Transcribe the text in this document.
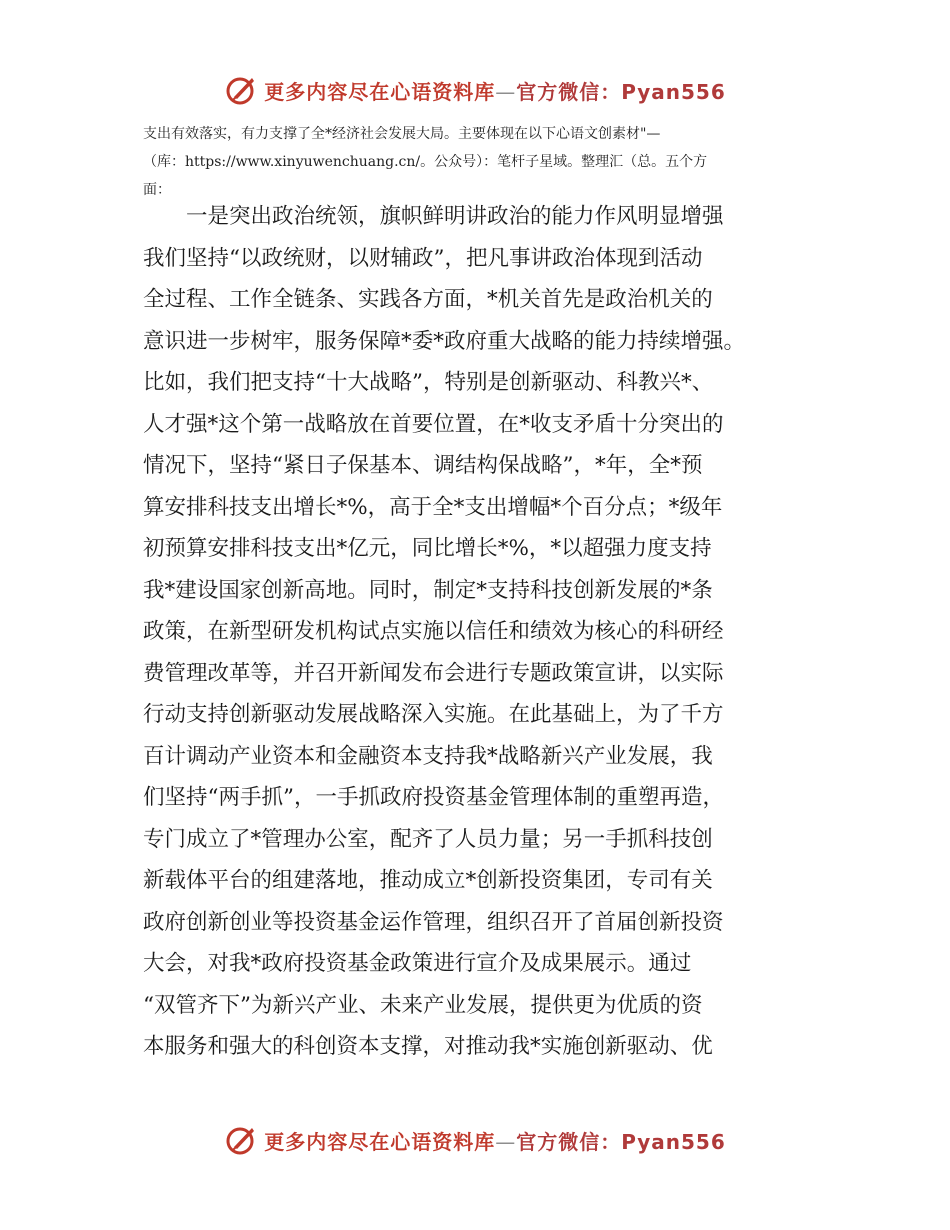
更多内容尽在心语资料库—官方微信：Pyan556

支出有效落实，有力支撑了全*经济社会发展大局。主要体现在以下心语文创素材"—

（库：https://www.xinyuwenchuang.cn/。公众号）：笔杆子星域。整理汇（总。五个方

面：

　　一是突出政治统领，旗帜鲜明讲政治的能力作风明显增强
我们坚持“以政统财，以财辅政”，把凡事讲政治体现到活动
全过程、工作全链条、实践各方面，*机关首先是政治机关的
意识进一步树牢，服务保障*委*政府重大战略的能力持续增强。
比如，我们把支持“十大战略”，特别是创新驱动、科教兴*、
人才强*这个第一战略放在首要位置，在*收支矛盾十分突出的
情况下，坚持“紧日子保基本、调结构保战略”，*年，全*预
算安排科技支出增长*%，高于全*支出增幅*个百分点；*级年
初预算安排科技支出*亿元，同比增长*%，*以超强力度支持
我*建设国家创新高地。同时，制定*支持科技创新发展的*条
政策，在新型研发机构试点实施以信任和绩效为核心的科研经
费管理改革等，并召开新闻发布会进行专题政策宣讲，以实际
行动支持创新驱动发展战略深入实施。在此基础上，为了千方
百计调动产业资本和金融资本支持我*战略新兴产业发展，我
们坚持“两手抓”，一手抓政府投资基金管理体制的重塑再造，
专门成立了*管理办公室，配齐了人员力量；另一手抓科技创
新载体平台的组建落地，推动成立*创新投资集团，专司有关
政府创新创业等投资基金运作管理，组织召开了首届创新投资
大会，对我*政府投资基金政策进行宣介及成果展示。通过
“双管齐下”为新兴产业、未来产业发展，提供更为优质的资
本服务和强大的科创资本支撑，对推动我*实施创新驱动、优
更多内容尽在心语资料库—官方微信：Pyan556
